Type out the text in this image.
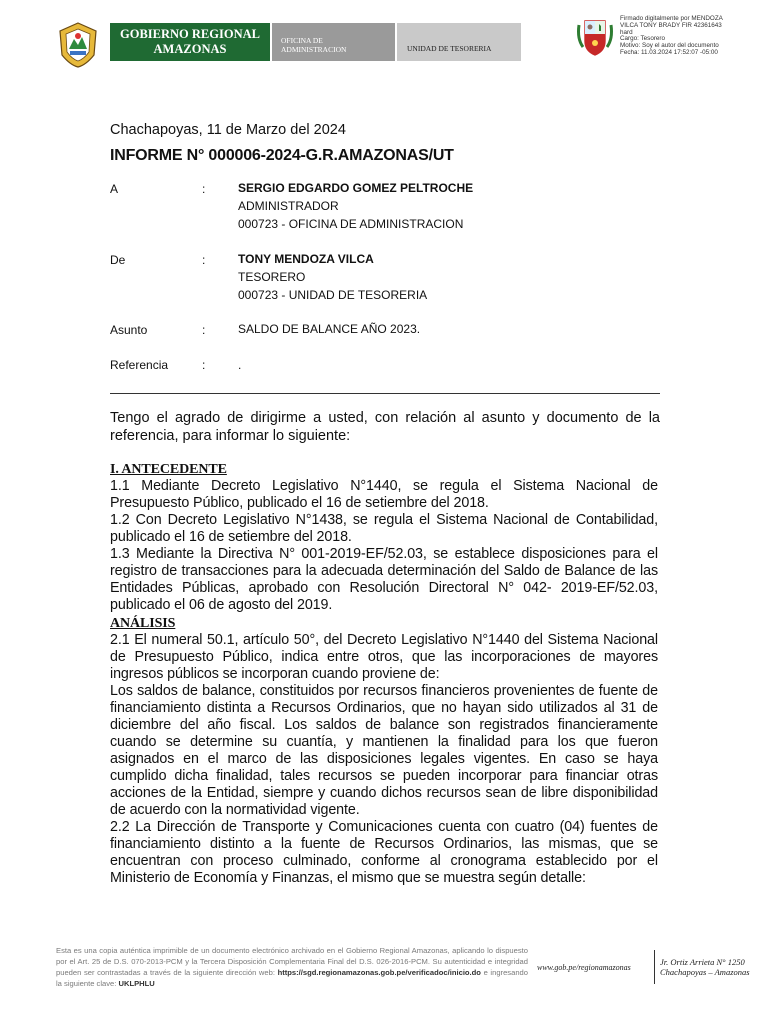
GOBIERNO REGIONAL
AMAZONAS
OFICINA DE
ADMINISTRACION	UNIDAD DE TESORERIA
Firmado digitalmente por MENDOZA
VILCA TONY BRADY FIR 42361643
hard
Cargo: Tesorero
Motivo: Soy el autor del documento
Fecha: 11.03.2024 17:52:07 -05:00
Chachapoyas, 11 de Marzo del 2024
INFORME N° 000006-2024-G.R.AMAZONAS/UT
A	:	SERGIO EDGARDO GOMEZ PELTROCHE
ADMINISTRADOR
000723 - OFICINA DE ADMINISTRACION
De	:	TONY MENDOZA VILCA
TESORERO
000723 - UNIDAD DE TESORERIA
Asunto	:	SALDO DE BALANCE AÑO 2023.
Referencia	:	.
Tengo el agrado de dirigirme a usted, con relación al asunto y documento de la referencia, para informar lo siguiente:
I. ANTECEDENTE

1.1 Mediante Decreto Legislativo N°1440, se regula el Sistema Nacional de Presupuesto Público, publicado el 16 de setiembre del 2018.

1.2 Con Decreto Legislativo N°1438, se regula el Sistema Nacional de Contabilidad, publicado el 16 de setiembre del 2018.

1.3 Mediante la Directiva N° 001-2019-EF/52.03, se establece disposiciones para el registro de transacciones para la adecuada determinación del Saldo de Balance de las Entidades Públicas, aprobado con Resolución Directoral N° 042- 2019-EF/52.03, publicado el 06 de agosto del 2019.

ANÁLISIS

2.1 El numeral 50.1, artículo 50°, del Decreto Legislativo N°1440 del Sistema Nacional de Presupuesto Público, indica entre otros, que las incorporaciones de mayores ingresos públicos se incorporan cuando proviene de:

Los saldos de balance, constituidos por recursos financieros provenientes de fuente de financiamiento distinta a Recursos Ordinarios, que no hayan sido utilizados al 31 de diciembre del año fiscal. Los saldos de balance son registrados financieramente cuando se determine su cuantía, y mantienen la finalidad para los que fueron asignados en el marco de las disposiciones legales vigentes. En caso se haya cumplido dicha finalidad, tales recursos se pueden incorporar para financiar otras acciones de la Entidad, siempre y cuando dichos recursos sean de libre disponibilidad de acuerdo con la normatividad vigente.

2.2 La Dirección de Transporte y Comunicaciones cuenta con cuatro (04) fuentes de financiamiento distinto a la fuente de Recursos Ordinarios, las mismas, que se encuentran con proceso culminado, conforme al cronograma establecido por el Ministerio de Economía y Finanzas, el mismo que se muestra según detalle:

Esta es una copia auténtica imprimible de un documento electrónico archivado en el Gobierno Regional Amazonas, aplicando lo dispuesto por el Art. 25 de D.S. 070-2013-PCM y la Tercera Disposición Complementaria Final del D.S. 026-2016-PCM. Su autenticidad e integridad pueden ser contrastadas a través de la siguiente dirección web: https://sgd.regionamazonas.gob.pe/verificadoc/inicio.do e ingresando la siguiente clave: UKLPHLU
www.gob.pe/regionamazonas
Jr. Ortiz Arrieta N° 1250
Chachapoyas – Amazonas
